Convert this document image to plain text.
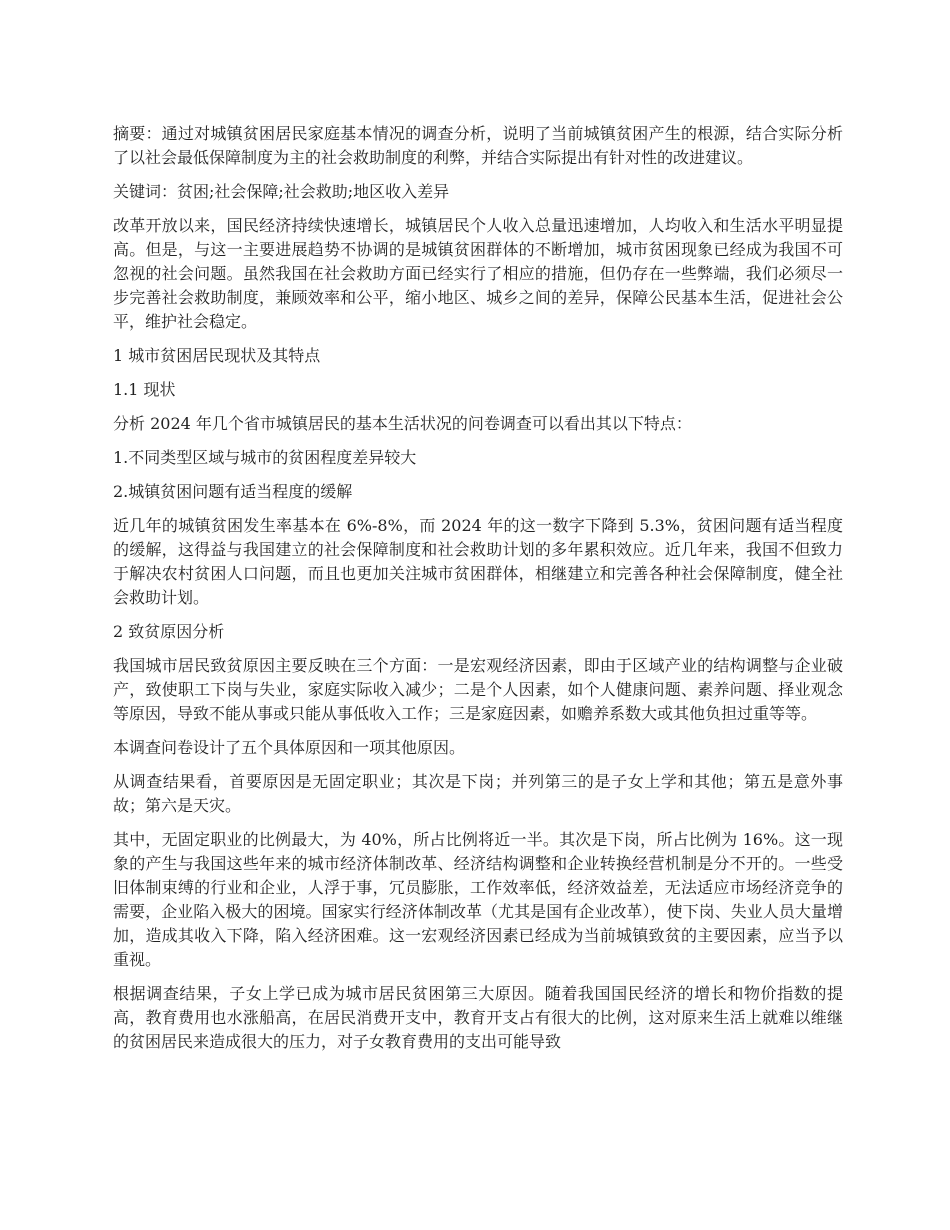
摘要：通过对城镇贫困居民家庭基本情况的调查分析，说明了当前城镇贫困产生的根源，结合实际分析了以社会最低保障制度为主的社会救助制度的利弊，并结合实际提出有针对性的改进建议。

关键词：贫困;社会保障;社会救助;地区收入差异

改革开放以来，国民经济持续快速增长，城镇居民个人收入总量迅速增加，人均收入和生活水平明显提高。但是，与这一主要进展趋势不协调的是城镇贫困群体的不断增加，城市贫困现象已经成为我国不可忽视的社会问题。虽然我国在社会救助方面已经实行了相应的措施，但仍存在一些弊端，我们必须尽一步完善社会救助制度，兼顾效率和公平，缩小地区、城乡之间的差异，保障公民基本生活，促进社会公平，维护社会稳定。

1 城市贫困居民现状及其特点

1.1 现状

分析 2024 年几个省市城镇居民的基本生活状况的问卷调查可以看出其以下特点：

1.不同类型区域与城市的贫困程度差异较大

2.城镇贫困问题有适当程度的缓解

近几年的城镇贫困发生率基本在 6%-8%，而 2024 年的这一数字下降到 5.3%，贫困问题有适当程度的缓解，这得益与我国建立的社会保障制度和社会救助计划的多年累积效应。近几年来，我国不但致力于解决农村贫困人口问题，而且也更加关注城市贫困群体，相继建立和完善各种社会保障制度，健全社会救助计划。

2 致贫原因分析

我国城市居民致贫原因主要反映在三个方面：一是宏观经济因素，即由于区域产业的结构调整与企业破产，致使职工下岗与失业，家庭实际收入减少；二是个人因素，如个人健康问题、素养问题、择业观念等原因，导致不能从事或只能从事低收入工作；三是家庭因素，如赡养系数大或其他负担过重等等。

本调查问卷设计了五个具体原因和一项其他原因。

从调查结果看，首要原因是无固定职业；其次是下岗；并列第三的是子女上学和其他；第五是意外事故；第六是天灾。

其中，无固定职业的比例最大，为 40%，所占比例将近一半。其次是下岗，所占比例为 16%。这一现象的产生与我国这些年来的城市经济体制改革、经济结构调整和企业转换经营机制是分不开的。一些受旧体制束缚的行业和企业，人浮于事，冗员膨胀，工作效率低，经济效益差，无法适应市场经济竞争的需要，企业陷入极大的困境。国家实行经济体制改革（尤其是国有企业改革），使下岗、失业人员大量增加，造成其收入下降，陷入经济困难。这一宏观经济因素已经成为当前城镇致贫的主要因素，应当予以重视。

根据调查结果，子女上学已成为城市居民贫困第三大原因。随着我国国民经济的增长和物价指数的提高，教育费用也水涨船高，在居民消费开支中，教育开支占有很大的比例，这对原来生活上就难以维继的贫困居民来造成很大的压力，对子女教育费用的支出可能导致
